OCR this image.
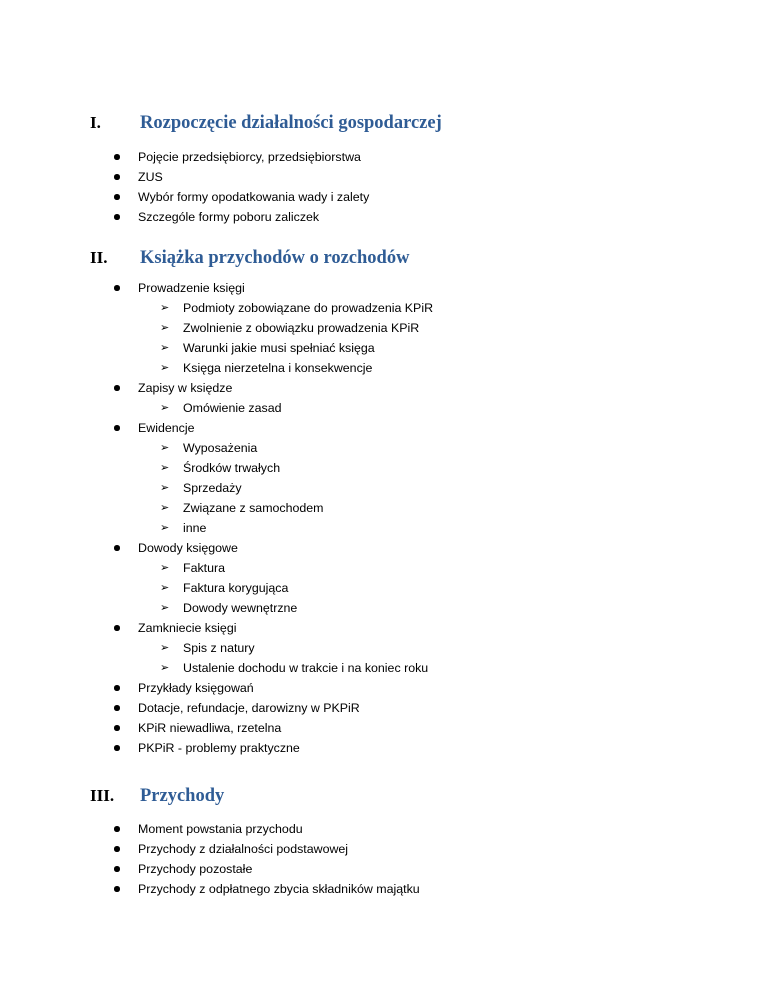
I. Rozpoczęcie działalności gospodarczej
Pojęcie przedsiębiorcy, przedsiębiorstwa
ZUS
Wybór formy opodatkowania wady i zalety
Szczególe formy poboru zaliczek
II. Książka przychodów o rozchodów
Prowadzenie księgi
➢ Podmioty zobowiązane do prowadzenia KPiR
➢ Zwolnienie z obowiązku prowadzenia KPiR
➢ Warunki jakie musi spełniać księga
➢ Księga nierzetelna i konsekwencje
Zapisy w księdze
➢ Omówienie zasad
Ewidencje
➢ Wyposażenia
➢ Środków trwałych
➢ Sprzedaży
➢ Związane z samochodem
➢ inne
Dowody księgowe
➢ Faktura
➢ Faktura korygująca
➢ Dowody wewnętrzne
Zamkniecie księgi
➢ Spis z natury
➢ Ustalenie dochodu w trakcie i na koniec roku
Przykłady księgowań
Dotacje, refundacje, darowizny w PKPiR
KPiR niewadliwa, rzetelna
PKPiR - problemy praktyczne
III. Przychody
Moment powstania przychodu
Przychody z działalności podstawowej
Przychody pozostałe
Przychody z odpłatnego zbycia składników majątku
